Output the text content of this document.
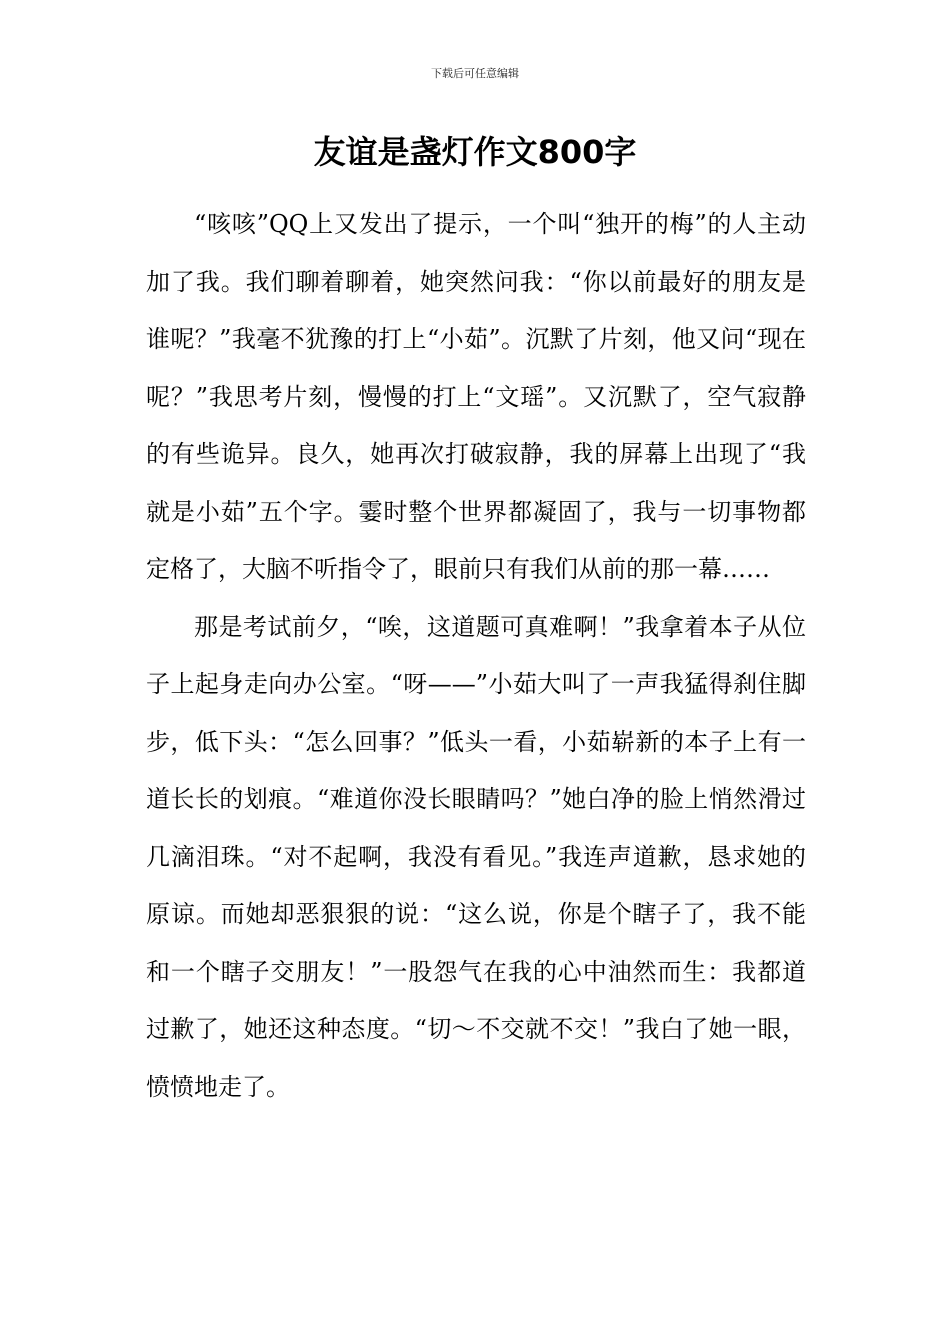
下载后可任意编辑
友谊是盏灯作文800字

“咳咳”QQ上又发出了提示，一个叫“独开的梅”的人主动加了我。我们聊着聊着，她突然问我：“你以前最好的朋友是谁呢？”我毫不犹豫的打上“小茹”。沉默了片刻，他又问“现在呢？”我思考片刻，慢慢的打上“文瑶”。又沉默了，空气寂静的有些诡异。良久，她再次打破寂静，我的屏幕上出现了“我就是小茹”五个字。霎时整个世界都凝固了，我与一切事物都定格了，大脑不听指令了，眼前只有我们从前的那一幕……

那是考试前夕，“唉，这道题可真难啊！”我拿着本子从位子上起身走向办公室。“呀——”小茹大叫了一声我猛得刹住脚步，低下头：“怎么回事？”低头一看，小茹崭新的本子上有一道长长的划痕。“难道你没长眼睛吗？”她白净的脸上悄然滑过几滴泪珠。“对不起啊，我没有看见。”我连声道歉，恳求她的原谅。而她却恶狠狠的说：“这么说，你是个瞎子了，我不能和一个瞎子交朋友！”一股怨气在我的心中油然而生：我都道过歉了，她还这种态度。“切～不交就不交！”我白了她一眼，愤愤地走了。
